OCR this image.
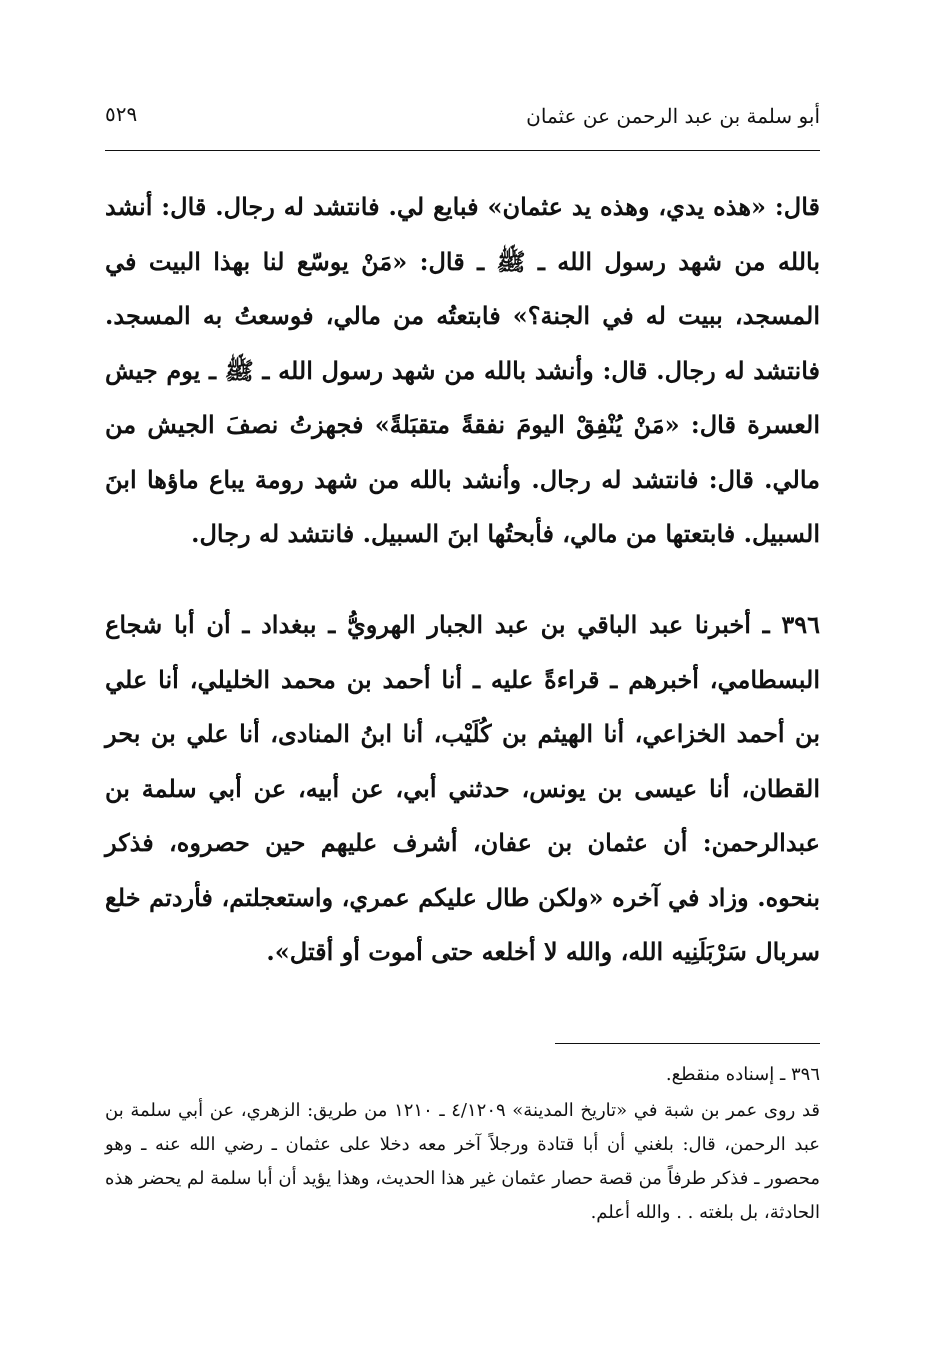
أبو سلمة بن عبد الرحمن عن عثمان
٥٢٩

قال: «هذه يدي، وهذه يد عثمان» فبايع لي. فانتشد له رجال. قال: أنشد بالله من شهد رسول الله ـ ﷺ ـ قال: «مَنْ يوسّع لنا بهذا البيت في المسجد، ببيت له في الجنة؟» فابتعتُه من مالي، فوسعتُ به المسجد. فانتشد له رجال. قال: وأنشد بالله من شهد رسول الله ـ ﷺ ـ يوم جيش العسرة قال: «مَنْ يُنْفِقْ اليومَ نفقةً متقبَلةً» فجهزتُ نصفَ الجيش من مالي. قال: فانتشد له رجال. وأنشد بالله من شهد رومة يباع ماؤها ابنَ السبيل. فابتعتها من مالي، فأبحتُها ابنَ السبيل. فانتشد له رجال.

٣٩٦ ـ أخبرنا عبد الباقي بن عبد الجبار الهرويُّ ـ ببغداد ـ أن أبا شجاع البسطامي، أخبرهم ـ قراءةً عليه ـ أنا أحمد بن محمد الخليلي، أنا علي بن أحمد الخزاعي، أنا الهيثم بن كُلَيْب، أنا ابنُ المنادى، أنا علي بن بحر القطان، أنا عيسى بن يونس، حدثني أبي، عن أبيه، عن أبي سلمة بن عبدالرحمن: أن عثمان بن عفان، أشرف عليهم حين حصروه، فذكر بنحوه. وزاد في آخره «ولكن طال عليكم عمري، واستعجلتم، فأردتم خلع سربال سَرْبَلَنِيه الله، والله لا أخلعه حتى أموت أو أقتل».

٣٩٦ ـ إسناده منقطع.

قد روى عمر بن شبة في «تاريخ المدينة» ٤/١٢٠٩ ـ ١٢١٠ من طريق: الزهري، عن أبي سلمة بن عبد الرحمن، قال: بلغني أن أبا قتادة ورجلاً آخر معه دخلا على عثمان ـ رضي الله عنه ـ وهو محصور ـ فذكر طرفاً من قصة حصار عثمان غير هذا الحديث، وهذا يؤيد أن أبا سلمة لم يحضر هذه الحادثة، بل بلغته . . والله أعلم.
